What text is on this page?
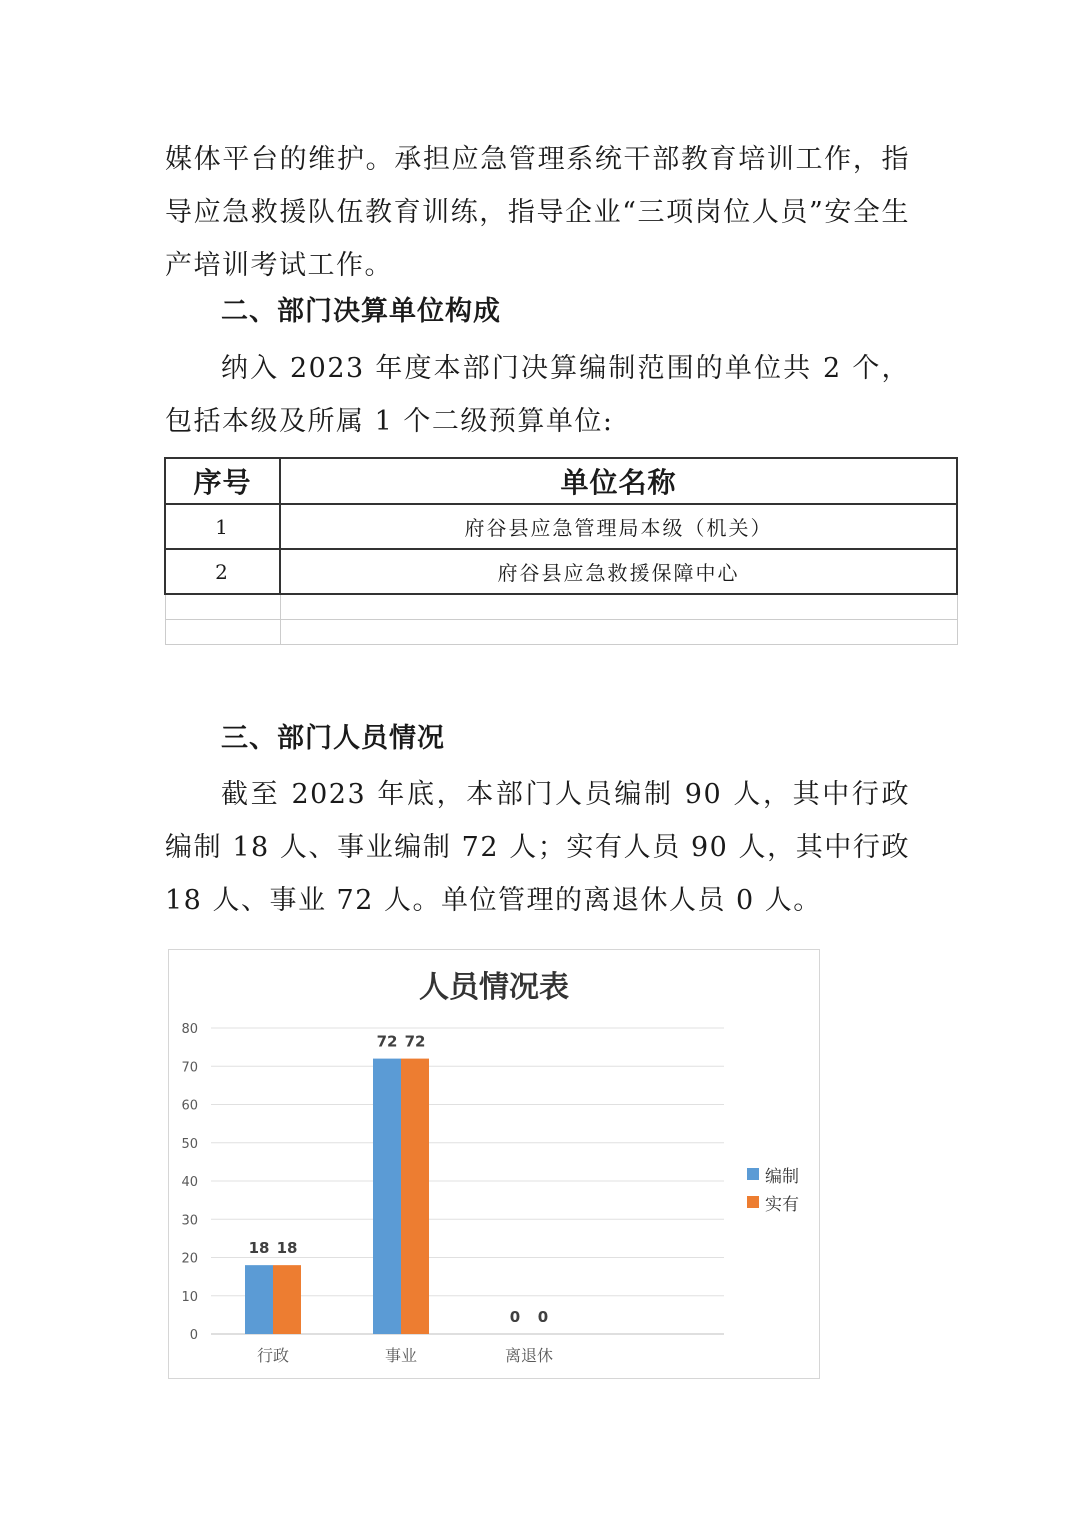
媒体平台的维护。承担应急管理系统干部教育培训工作，指导应急救援队伍教育训练，指导企业“三项岗位人员”安全生产培训考试工作。

二、部门决算单位构成

纳入 2023 年度本部门决算编制范围的单位共 2 个，包括本级及所属 1 个二级预算单位:

序号	单位名称
1	府谷县应急管理局本级（机关）
2	府谷县应急救援保障中心

三、部门人员情况

截至 2023 年底，本部门人员编制 90 人，其中行政编制 18 人、事业编制 72 人；实有人员 90 人，其中行政 18 人、事业 72 人。单位管理的离退休人员 0 人。

人员情况表
0
10
20
30
40
50
60
70
80
18 18
行政
72 72
事业
0 0
离退休
编制
实有
